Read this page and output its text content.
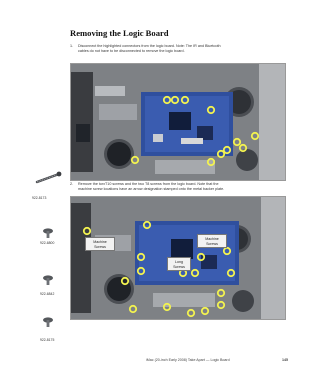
Removing the Logic Board
1. Disconnect the highlighted connectors from the logic board. Note: The IR and Bluetooth
cables do not have to be disconnected to remove the logic board.
2. Remove the torxT10 screws and the two T8 screws from the logic board. Note that the
machine screw locations have an arrow designation stamped onto the metal backer plate.
Machine
Screws
Machine
Screws
Long
Screws
922-8173
922-6800
922-6842
922-8175
iMac (20-inch Early 2008) Take Apart — Logic Board	145
